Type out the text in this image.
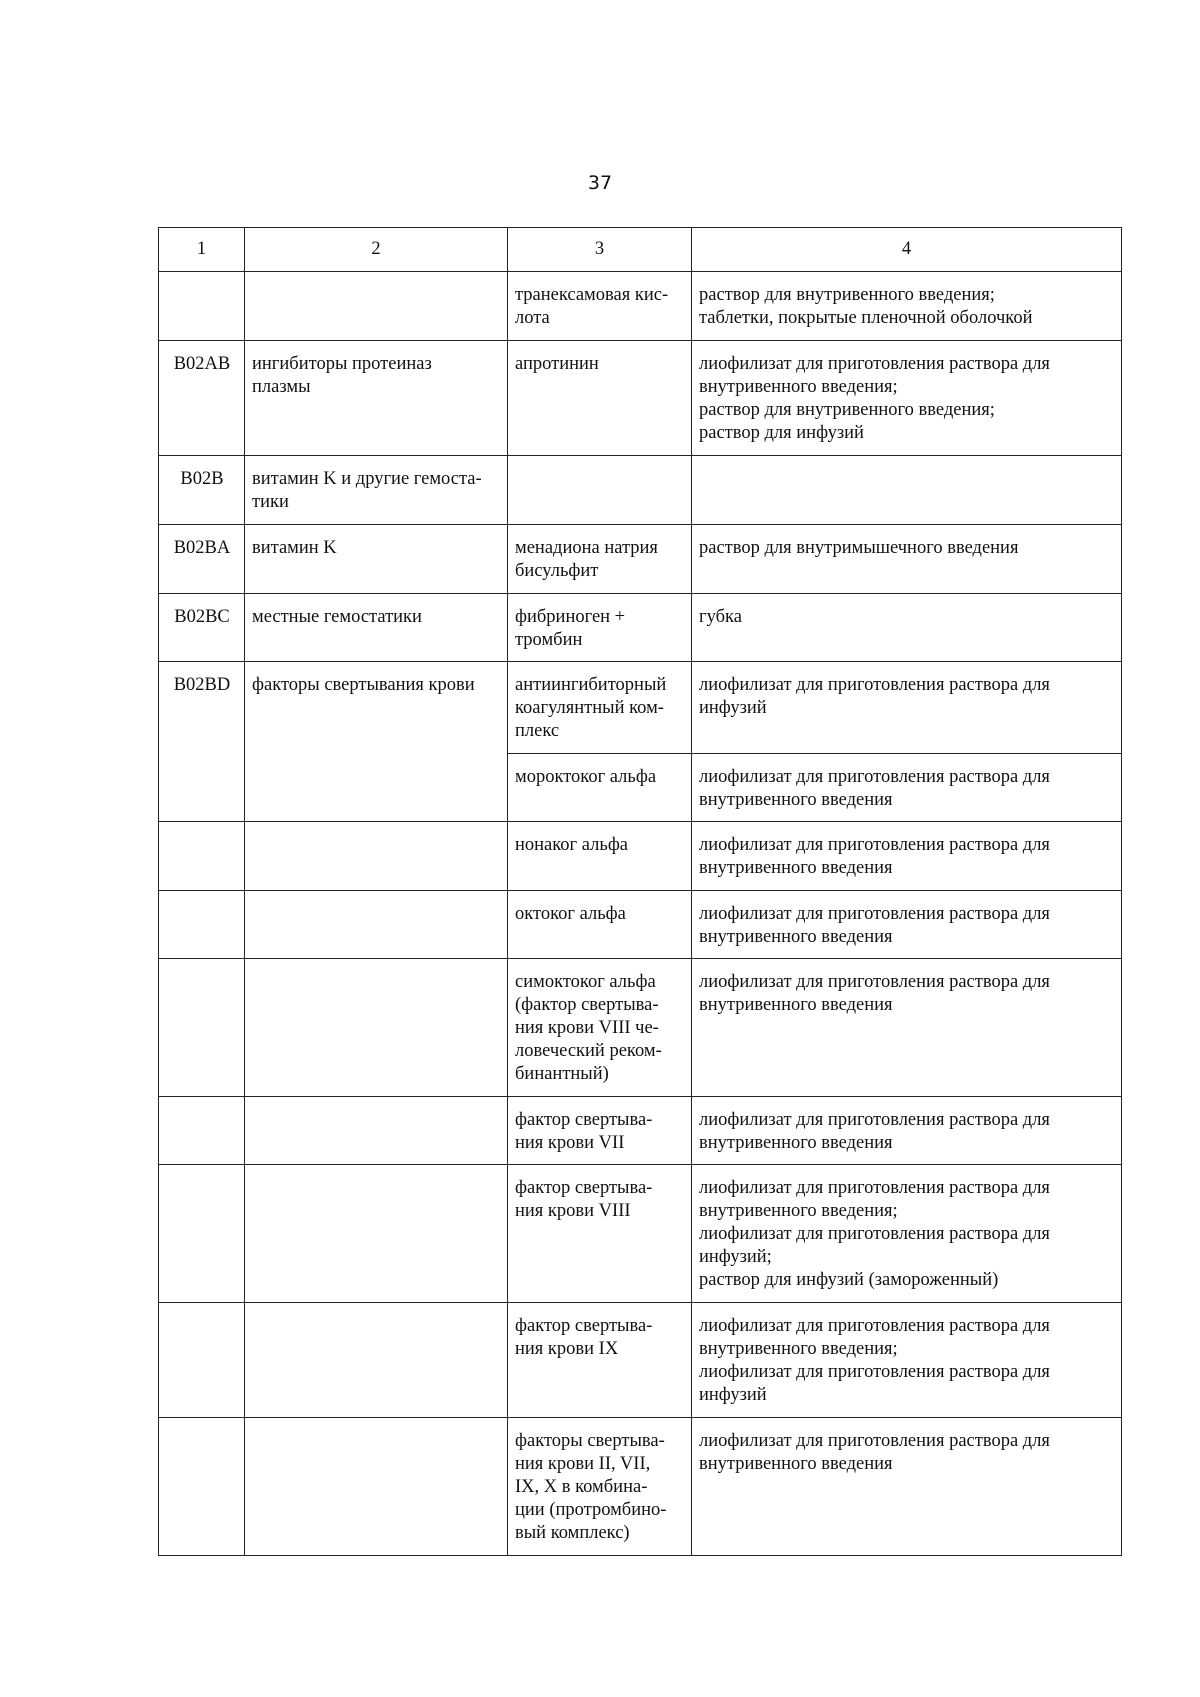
37
1	2	3	4
		транексамовая кис-
лота	раствор для внутривенного введения;
таблетки, покрытые пленочной оболочкой
B02AB	ингибиторы протеиназ
плазмы	апротинин	лиофилизат для приготовления раствора для
внутривенного введения;
раствор для внутривенного введения;
раствор для инфузий
B02B	витамин K и другие гемоста-
тики		
B02BA	витамин K	менадиона натрия
бисульфит	раствор для внутримышечного введения
B02BC	местные гемостатики	фибриноген +
тромбин	губка
B02BD	факторы свертывания крови	антиингибиторный
коагулянтный ком-
плекс	лиофилизат для приготовления раствора для
инфузий
		мороктоког альфа	лиофилизат для приготовления раствора для
внутривенного введения
		нонаког альфа	лиофилизат для приготовления раствора для
внутривенного введения
		октоког альфа	лиофилизат для приготовления раствора для
внутривенного введения
		симоктоког альфа
(фактор свертыва-
ния крови VIII че-
ловеческий реком-
бинантный)	лиофилизат для приготовления раствора для
внутривенного введения
		фактор свертыва-
ния крови VII	лиофилизат для приготовления раствора для
внутривенного введения
		фактор свертыва-
ния крови VIII	лиофилизат для приготовления раствора для
внутривенного введения;
лиофилизат для приготовления раствора для
инфузий;
раствор для инфузий (замороженный)
		фактор свертыва-
ния крови IX	лиофилизат для приготовления раствора для
внутривенного введения;
лиофилизат для приготовления раствора для
инфузий
		факторы свертыва-
ния крови II, VII,
IX, X в комбина-
ции (протромбино-
вый комплекс)	лиофилизат для приготовления раствора для
внутривенного введения
